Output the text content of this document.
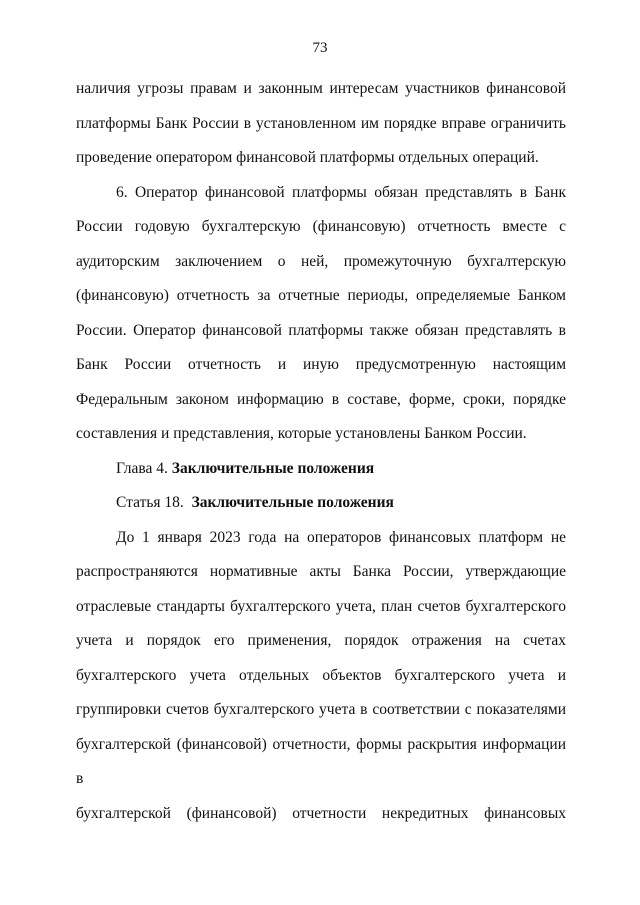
73

наличия угрозы правам и законным интересам участников финансовой
платформы Банк России в установленном им порядке вправе ограничить
проведение оператором финансовой платформы отдельных операций.

6. Оператор финансовой платформы обязан представлять в Банк
России годовую бухгалтерскую (финансовую) отчетность вместе с
аудиторским заключением о ней, промежуточную бухгалтерскую
(финансовую) отчетность за отчетные периоды, определяемые Банком
России. Оператор финансовой платформы также обязан представлять в
Банк России отчетность и иную предусмотренную настоящим
Федеральным законом информацию в составе, форме, сроки, порядке
составления и представления, которые установлены Банком России.

Глава 4. Заключительные положения

Статья 18.  Заключительные положения

До 1 января 2023 года на операторов финансовых платформ не
распространяются нормативные акты Банка России, утверждающие
отраслевые стандарты бухгалтерского учета, план счетов бухгалтерского
учета и порядок его применения, порядок отражения на счетах
бухгалтерского учета отдельных объектов бухгалтерского учета и
группировки счетов бухгалтерского учета в соответствии с показателями
бухгалтерской (финансовой) отчетности, формы раскрытия информации в
бухгалтерской (финансовой) отчетности некредитных финансовых
